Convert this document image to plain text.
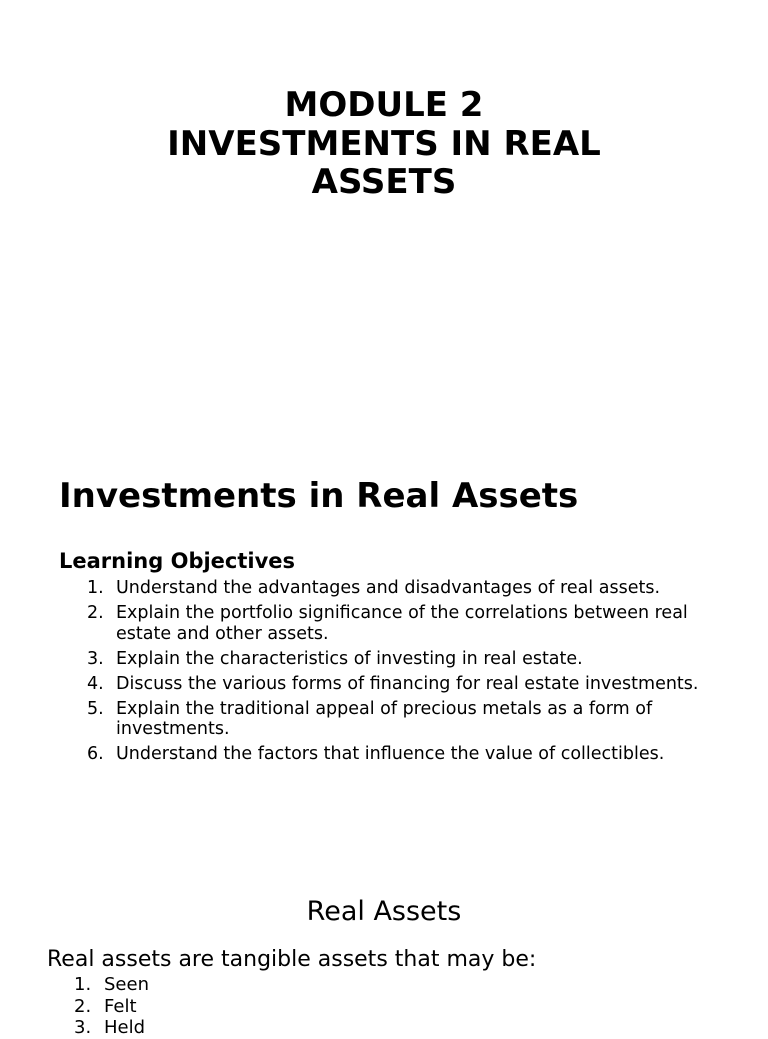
MODULE 2
INVESTMENTS IN REAL
ASSETS
Investments in Real Assets
Learning Objectives
1. Understand the advantages and disadvantages of real assets.
2. Explain the portfolio significance of the correlations between real estate and other assets.
3. Explain the characteristics of investing in real estate.
4. Discuss the various forms of financing for real estate investments.
5. Explain the traditional appeal of precious metals as a form of investments.
6. Understand the factors that influence the value of collectibles.
Real Assets
Real assets are tangible assets that may be:
1. Seen
2. Felt
3. Held
